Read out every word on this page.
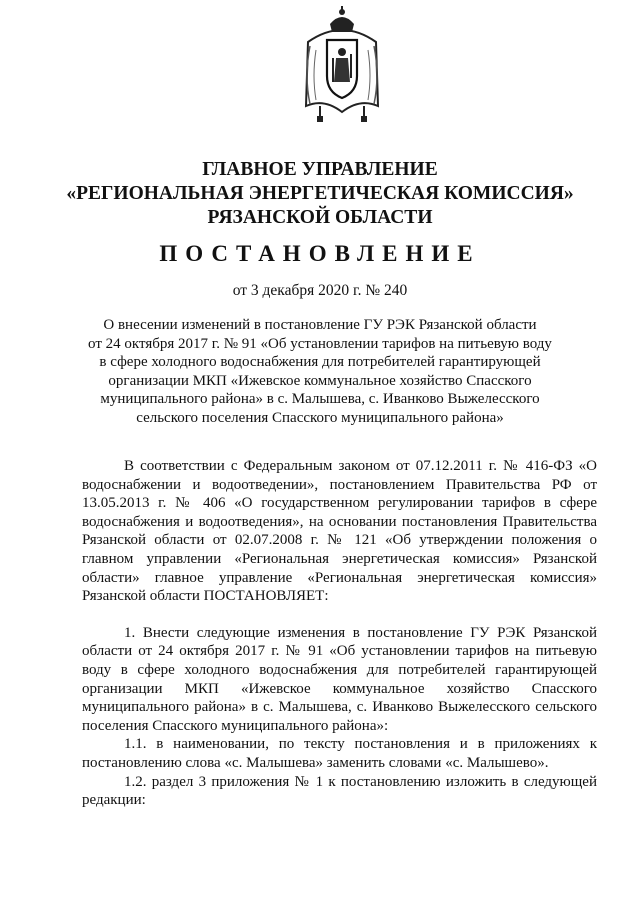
ГЛАВНОЕ УПРАВЛЕНИЕ
«РЕГИОНАЛЬНАЯ ЭНЕРГЕТИЧЕСКАЯ КОМИССИЯ»
РЯЗАНСКОЙ ОБЛАСТИ
ПОСТАНОВЛЕНИЕ
от 3 декабря 2020 г. № 240
О внесении изменений в постановление ГУ РЭК Рязанской области
от 24 октября 2017 г. № 91 «Об установлении тарифов на питьевую воду
в сфере холодного водоснабжения для потребителей гарантирующей
организации МКП «Ижевское коммунальное хозяйство Спасского
муниципального района» в с. Малышева, с. Иванково Выжелесского
сельского поселения Спасского муниципального района»

В соответствии с Федеральным законом от 07.12.2011 г. № 416-ФЗ «О водоснабжении и водоотведении», постановлением Правительства РФ от 13.05.2013 г. № 406 «О государственном регулировании тарифов в сфере водоснабжения и водоотведения», на основании постановления Правительства Рязанской области от 02.07.2008 г. № 121 «Об утверждении положения о главном управлении «Региональная энергетическая комиссия» Рязанской области» главное управление «Региональная энергетическая комиссия» Рязанской области ПОСТАНОВЛЯЕТ:

1. Внести следующие изменения в постановление ГУ РЭК Рязанской области от 24 октября 2017 г. № 91 «Об установлении тарифов на питьевую воду в сфере холодного водоснабжения для потребителей гарантирующей организации МКП «Ижевское коммунальное хозяйство Спасского муниципального района» в с. Малышева, с. Иванково Выжелесского сельского поселения Спасского муниципального района»:

1.1. в наименовании, по тексту постановления и в приложениях к постановлению слова «с. Малышева» заменить словами «с. Малышево».

1.2. раздел 3 приложения № 1 к постановлению изложить в следующей редакции:
